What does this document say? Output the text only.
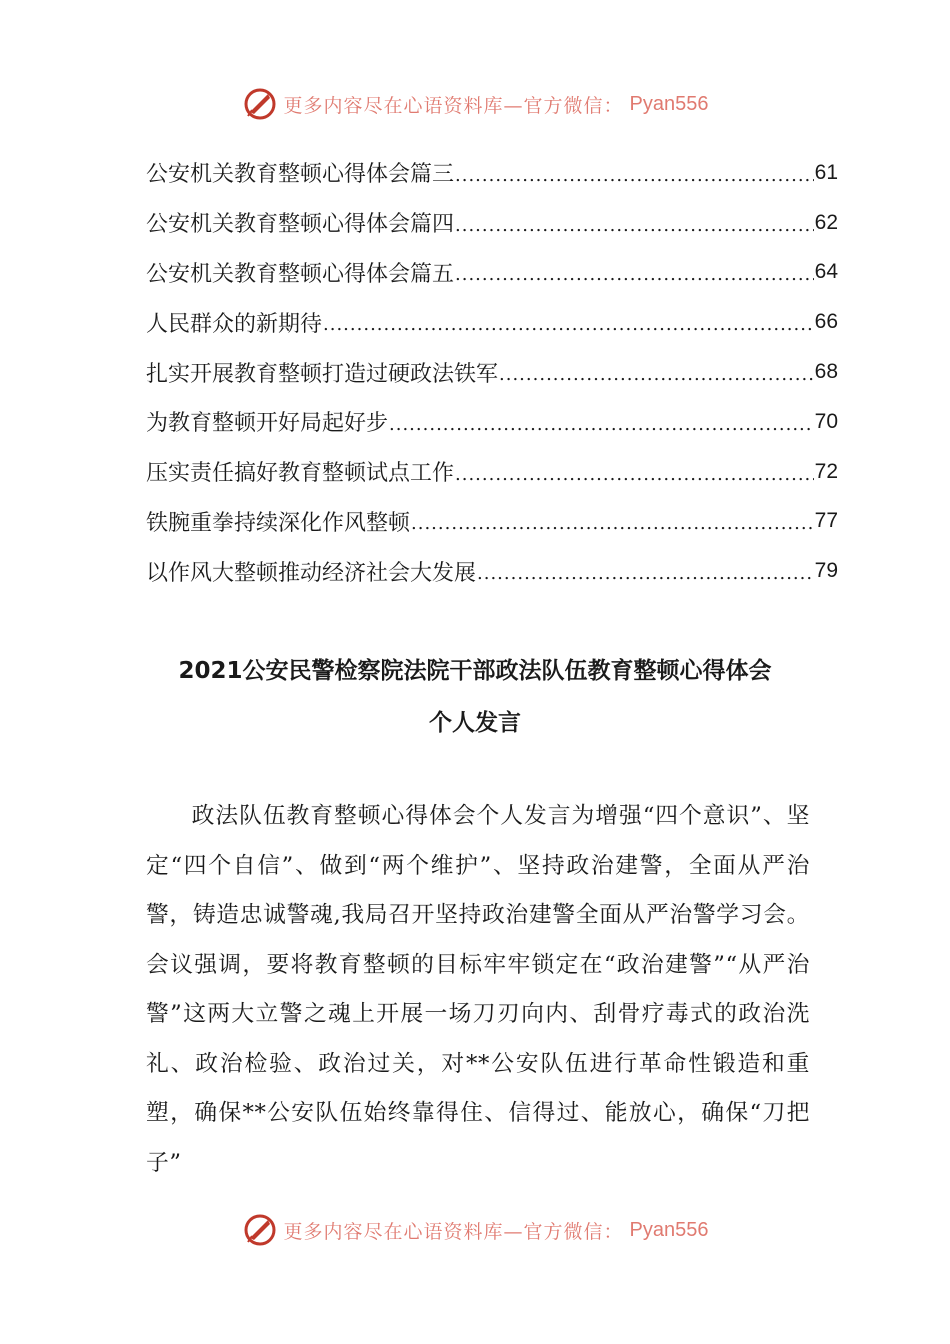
更多内容尽在心语资料库—官方微信： Pyan556
公安机关教育整顿心得体会篇三 .....	61
公安机关教育整顿心得体会篇四 .....	62
公安机关教育整顿心得体会篇五 .....	64
人民群众的新期待 .....	66
扎实开展教育整顿打造过硬政法铁军 .....	68
为教育整顿开好局起好步 .....	70
压实责任搞好教育整顿试点工作 .....	72
铁腕重拳持续深化作风整顿 .....	77
以作风大整顿推动经济社会大发展 .....	79
2021公安民警检察院法院干部政法队伍教育整顿心得体会
个人发言

政法队伍教育整顿心得体会个人发言为增强“四个意识”、坚定“四个自信”、做到“两个维护”、坚持政治建警，全面从严治警，铸造忠诚警魂,我局召开坚持政治建警全面从严治警学习会。会议强调，要将教育整顿的目标牢牢锁定在“政治建警”“从严治警”这两大立警之魂上开展一场刀刃向内、刮骨疗毒式的政治洗礼、政治检验、政治过关，对**公安队伍进行革命性锻造和重塑，确保**公安队伍始终靠得住、信得过、能放心，确保“刀把子”

更多内容尽在心语资料库—官方微信： Pyan556
